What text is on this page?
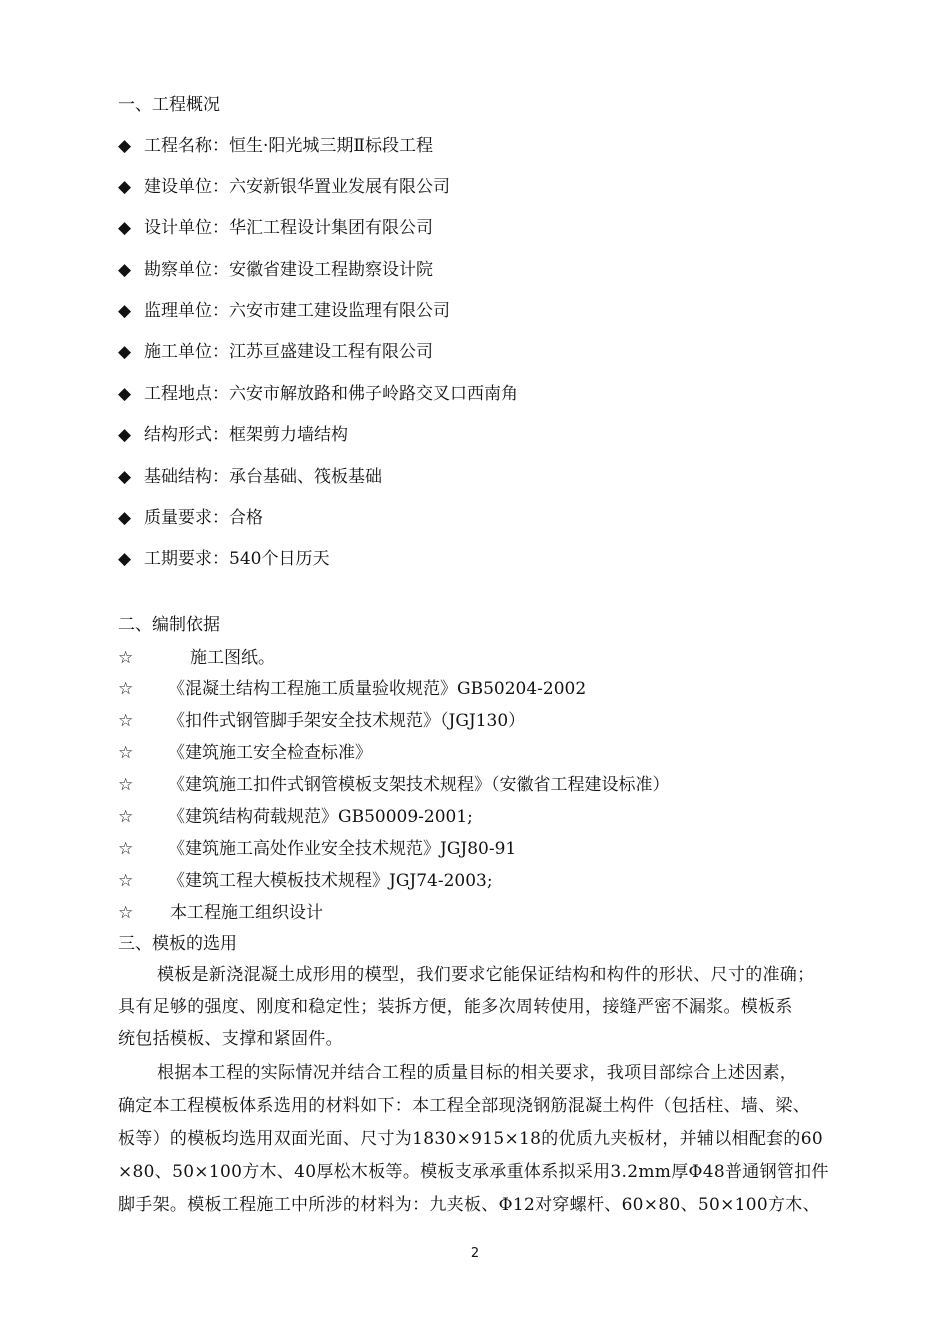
一、工程概况
◆ 工程名称：恒生·阳光城三期Ⅱ标段工程
◆ 建设单位：六安新银华置业发展有限公司
◆ 设计单位：华汇工程设计集团有限公司
◆ 勘察单位：安徽省建设工程勘察设计院
◆ 监理单位：六安市建工建设监理有限公司
◆ 施工单位：江苏亘盛建设工程有限公司
◆ 工程地点：六安市解放路和佛子岭路交叉口西南角
◆ 结构形式：框架剪力墙结构
◆ 基础结构：承台基础、筏板基础
◆ 质量要求：合格
◆ 工期要求：540个日历天
二、编制依据
☆	施工图纸。
☆ 《混凝土结构工程施工质量验收规范》GB50204-2002
☆ 《扣件式钢管脚手架安全技术规范》（JGJ130）
☆ 《建筑施工安全检查标准》
☆ 《建筑施工扣件式钢管模板支架技术规程》（安徽省工程建设标准）
☆ 《建筑结构荷载规范》GB50009-2001;
☆ 《建筑施工高处作业安全技术规范》JGJ80-91
☆ 《建筑工程大模板技术规程》JGJ74-2003;
☆ 本工程施工组织设计
三、模板的选用
模板是新浇混凝土成形用的模型，我们要求它能保证结构和构件的形状、尺寸的准确；
具有足够的强度、刚度和稳定性；装拆方便，能多次周转使用，接缝严密不漏浆。模板系
统包括模板、支撑和紧固件。
根据本工程的实际情况并结合工程的质量目标的相关要求，我项目部综合上述因素，
确定本工程模板体系选用的材料如下：本工程全部现浇钢筋混凝土构件（包括柱、墙、梁、
板等）的模板均选用双面光面、尺寸为1830×915×18的优质九夹板材，并辅以相配套的60
×80、50×100方木、40厚松木板等。模板支承承重体系拟采用3.2mm厚Φ48普通钢管扣件
脚手架。模板工程施工中所涉的材料为：九夹板、Φ12对穿螺杆、60×80、50×100方木、
2
